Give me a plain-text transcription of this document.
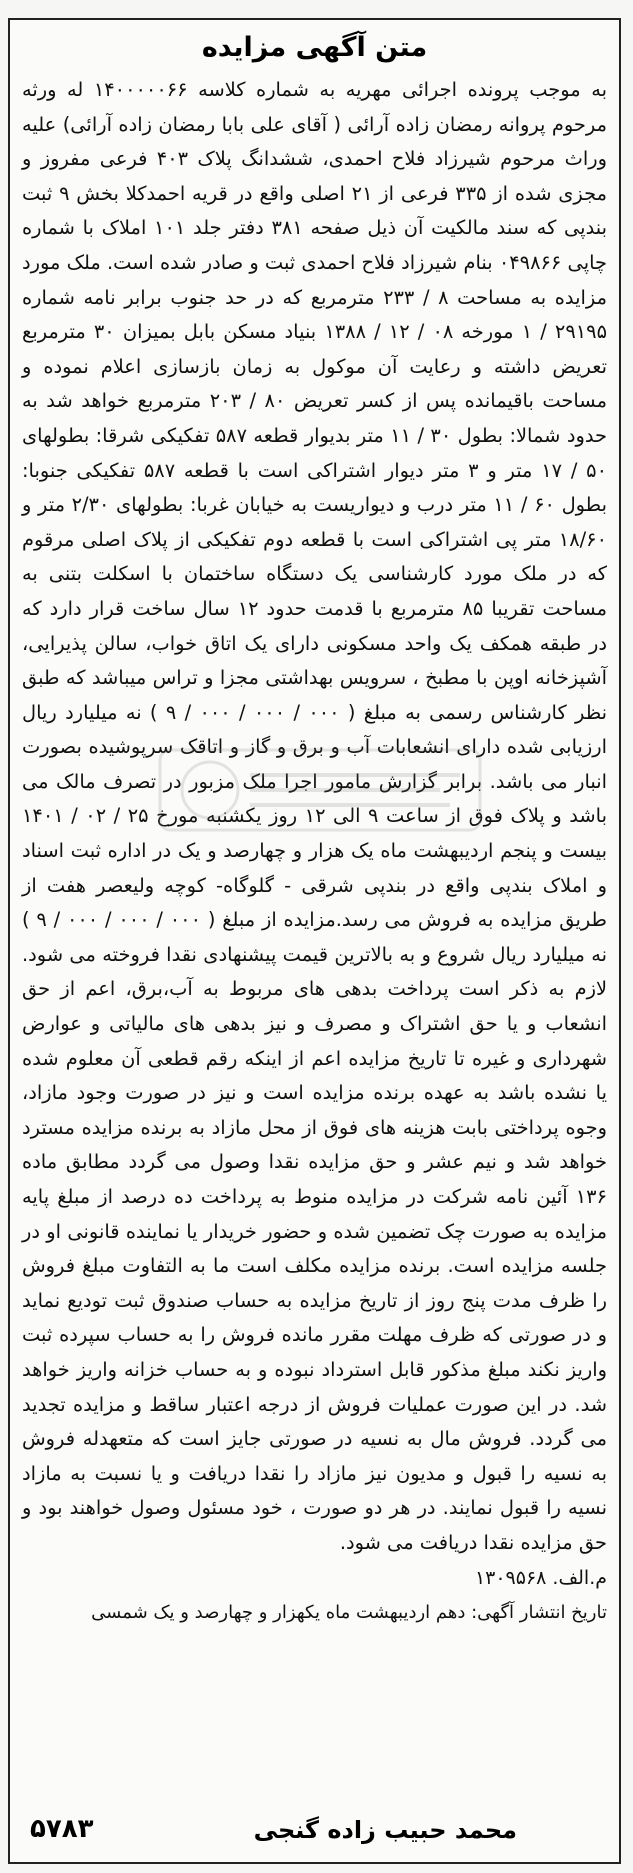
متن آگهی مزایده

به موجب پرونده اجرائی مهریه به شماره کلاسه ۱۴۰۰۰۰۰۶۶ له ورثه مرحوم پروانه رمضان زاده آرائی ( آقای علی بابا رمضان زاده آرائی) علیه وراث مرحوم شیرزاد فلاح احمدی، ششدانگ پلاک ۴۰۳ فرعی مفروز و مجزی شده از ۳۳۵ فرعی از ۲۱ اصلی واقع در قریه احمدکلا بخش ۹ ثبت بندپی که سند مالکیت آن ذیل صفحه ۳۸۱ دفتر جلد ۱۰۱ املاک با شماره چاپی ۰۴۹۸۶۶ بنام شیرزاد فلاح احمدی ثبت و صادر شده است. ملک مورد مزایده به مساحت ۸ / ۲۳۳ مترمربع که در حد جنوب برابر نامه شماره ۲۹۱۹۵ / ۱ مورخه ۰۸ / ۱۲ / ۱۳۸۸ بنیاد مسکن بابل بمیزان ۳۰ مترمربع تعریض داشته و رعایت آن موکول به زمان بازسازی اعلام نموده و مساحت باقیمانده پس از کسر تعریض ۸۰ / ۲۰۳ مترمربع خواهد شد به حدود شمالا: بطول ۳۰ / ۱۱ متر بدیوار قطعه ۵۸۷ تفکیکی شرقا: بطولهای ۵۰ / ۱۷ متر و ۳ متر دیوار اشتراکی است با قطعه ۵۸۷ تفکیکی جنوبا: بطول ۶۰ / ۱۱ متر درب و دیواریست به خیابان غربا: بطولهای ۲/۳۰ متر و ۱۸/۶۰ متر پی اشتراکی است با قطعه دوم تفکیکی از پلاک اصلی مرقوم که در ملک مورد کارشناسی یک دستگاه ساختمان با اسکلت بتنی به مساحت تقریبا ۸۵ مترمربع با قدمت حدود ۱۲ سال ساخت قرار دارد که در طبقه همکف یک واحد مسکونی دارای یک اتاق خواب، سالن پذیرایی، آشپزخانه اوپن با مطبخ ، سرویس بهداشتی مجزا و تراس میباشد که طبق نظر کارشناس رسمی به مبلغ ( ۰۰۰ / ۰۰۰ / ۰۰۰ / ۹ ) نه میلیارد ریال ارزیابی شده دارای انشعابات آب و برق و گاز و اتاقک سرپوشیده بصورت انبار می باشد. برابر گزارش مامور اجرا ملک مزبور در تصرف مالک می باشد و پلاک فوق از ساعت ۹ الی ۱۲ روز یکشنبه مورخ ۲۵ / ۰۲ / ۱۴۰۱ بیست و پنجم اردیبهشت ماه یک هزار و چهارصد و یک در اداره ثبت اسناد و املاک بندپی واقع در بندپی شرقی - گلوگاه- کوچه ولیعصر هفت از طریق مزایده به فروش می رسد.مزایده از مبلغ ( ۰۰۰ / ۰۰۰ / ۰۰۰ / ۹ ) نه میلیارد ریال شروع و به بالاترین قیمت پیشنهادی نقدا فروخته می شود. لازم به ذکر است پرداخت بدهی های مربوط به آب،برق، اعم از حق انشعاب و یا حق اشتراک و مصرف و نیز بدهی های مالیاتی و عوارض شهرداری و غیره تا تاریخ مزایده اعم از اینکه رقم قطعی آن معلوم شده یا نشده باشد به عهده برنده مزایده است و نیز در صورت وجود مازاد، وجوه پرداختی بابت هزینه های فوق از محل مازاد به برنده مزایده مسترد خواهد شد و نیم عشر و حق مزایده نقدا وصول می گردد مطابق ماده ۱۳۶ آئین نامه شرکت در مزایده منوط به پرداخت ده درصد از مبلغ پایه مزایده به صورت چک تضمین شده و حضور خریدار یا نماینده قانونی او در جلسه مزایده است. برنده مزایده مکلف است ما به التفاوت مبلغ فروش را ظرف مدت پنج روز از تاریخ مزایده به حساب صندوق ثبت تودیع نماید و در صورتی که ظرف مهلت مقرر مانده فروش را به حساب سپرده ثبت واریز نکند مبلغ مذکور قابل استرداد نبوده و به حساب خزانه واریز خواهد شد. در این صورت عملیات فروش از درجه اعتبار ساقط و مزایده تجدید می گردد. فروش مال به نسیه در صورتی جایز است که متعهدله فروش به نسیه را قبول و مدیون نیز مازاد را نقدا دریافت و یا نسبت به مازاد نسیه را قبول نمایند. در هر دو صورت ، خود مسئول وصول خواهند بود و حق مزایده نقدا دریافت می شود.

م.الف. ۱۳۰۹۵۶۸

تاریخ انتشار آگهی: دهم اردیبهشت ماه یکهزار و چهارصد و یک شمسی

محمد حبیب زاده گنجی
۵۷۸۳
